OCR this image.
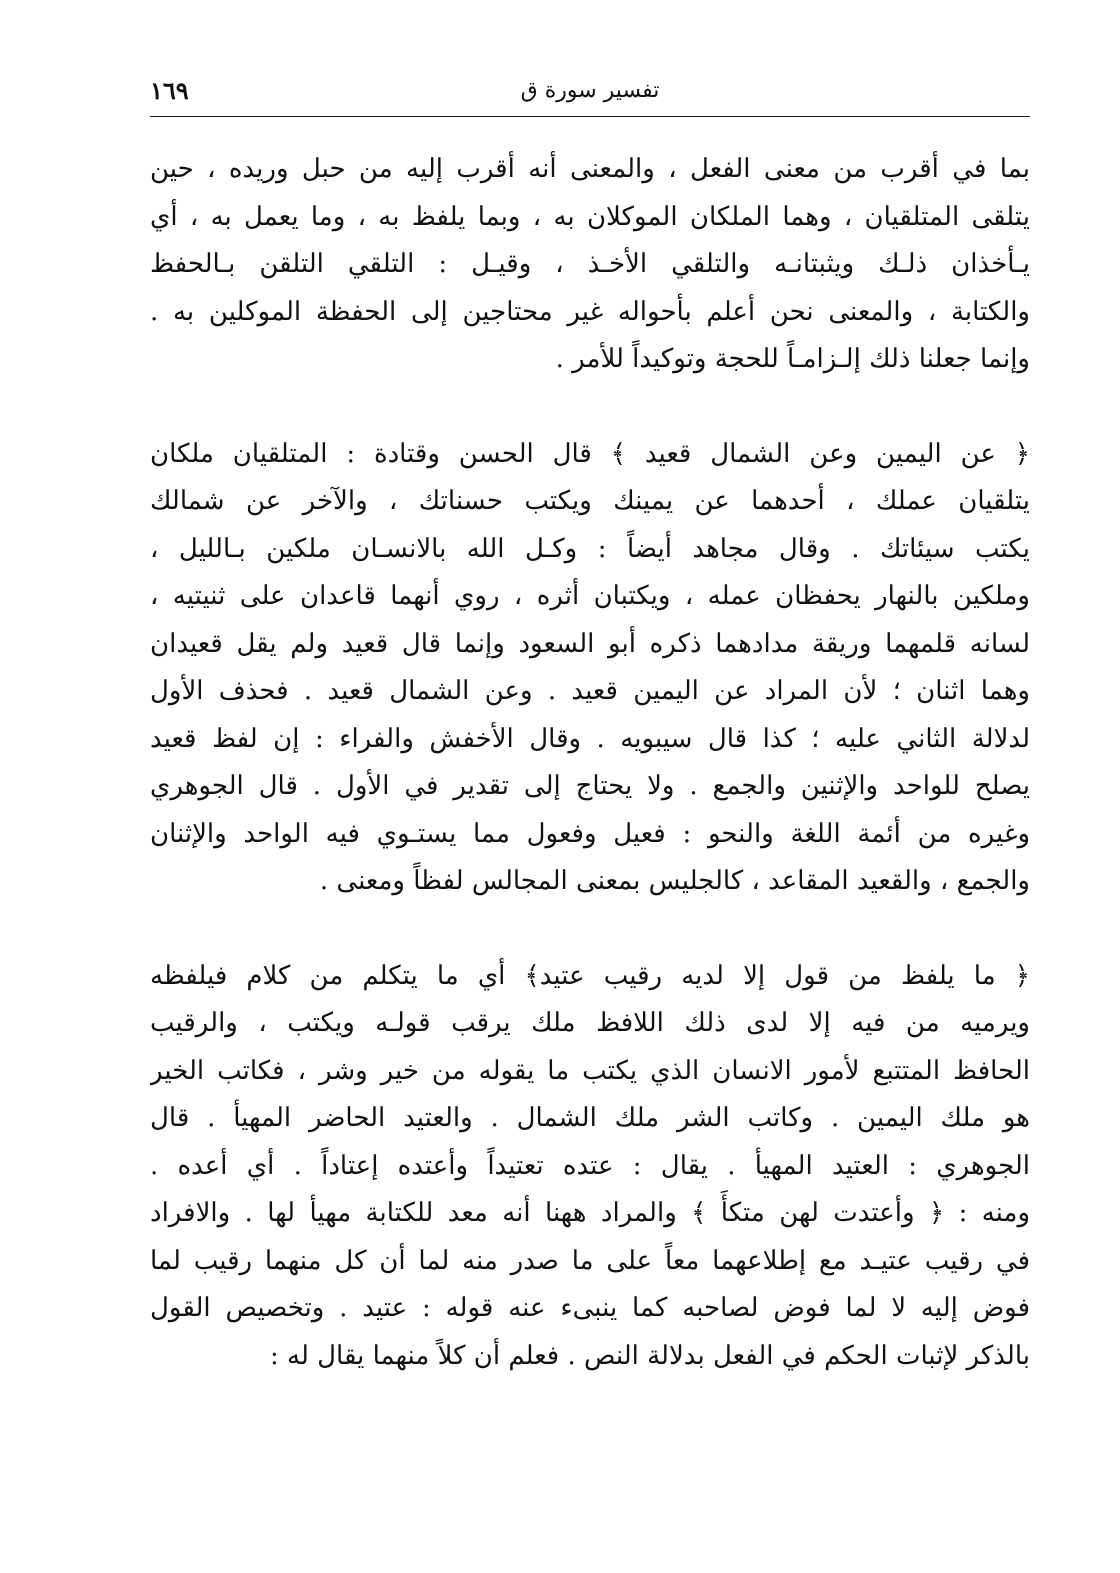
تفسير سورة ق
١٦٩

بما في أقرب من معنى الفعل ، والمعنى أنه أقرب إليه من حبل وريده ، حين
يتلقى المتلقيان ، وهما الملكان الموكلان به ، وبما يلفظ به ، وما يعمل به ، أي
يـأخذان ذلـك ويثبتانـه والتلقي الأخـذ ، وقيـل : التلقي التلقن بـالحفظ
والكتابة ، والمعنى نحن أعلم بأحواله غير محتاجين إلى الحفظة الموكلين به .
وإنما جعلنا ذلك إلـزامـاً للحجة وتوكيداً للأمر .

﴿ عن اليمين وعن الشمال قعيد ﴾ قال الحسن وقتادة : المتلقيان ملكان
يتلقيان عملك ، أحدهما عن يمينك ويكتب حسناتك ، والآخر عن شمالك
يكتب سيئاتك . وقال مجاهد أيضاً : وكـل الله بالانسـان ملكين بـالليل ،
وملكين بالنهار يحفظان عمله ، ويكتبان أثره ، روي أنهما قاعدان على ثنيتيه ،
لسانه قلمهما وريقة مدادهما ذكره أبو السعود وإنما قال قعيد ولم يقل قعيدان
وهما اثنان ؛ لأن المراد عن اليمين قعيد . وعن الشمال قعيد . فحذف الأول
لدلالة الثاني عليه ؛ كذا قال سيبويه . وقال الأخفش والفراء : إن لفظ قعيد
يصلح للواحد والإثنين والجمع . ولا يحتاج إلى تقدير في الأول . قال الجوهري
وغيره من أئمة اللغة والنحو : فعيل وفعول مما يستـوي فيه الواحد والإثنان
والجمع ، والقعيد المقاعد ، كالجليس بمعنى المجالس لفظاً ومعنى .

﴿ ما يلفظ من قول إلا لديه رقيب عتيد﴾ أي ما يتكلم من كلام فيلفظه
ويرميه من فيه إلا لدى ذلك اللافظ ملك يرقب قولـه ويكتب ، والرقيب
الحافظ المتتبع لأمور الانسان الذي يكتب ما يقوله من خير وشر ، فكاتب الخير
هو ملك اليمين . وكاتب الشر ملك الشمال . والعتيد الحاضر المهيأ . قال
الجوهري : العتيد المهيأ . يقال : عتده تعتيداً وأعتده إعتاداً . أي أعده .
ومنه : ﴿ وأعتدت لهن متكأً ﴾ والمراد ههنا أنه معد للكتابة مهيأ لها . والافراد
في رقيب عتيـد مع إطلاعهما معاً على ما صدر منه لما أن كل منهما رقيب لما
فوض إليه لا لما فوض لصاحبه كما ينبىء عنه قوله : عتيد . وتخصيص القول
بالذكر لإثبات الحكم في الفعل بدلالة النص . فعلم أن كلاً منهما يقال له :
